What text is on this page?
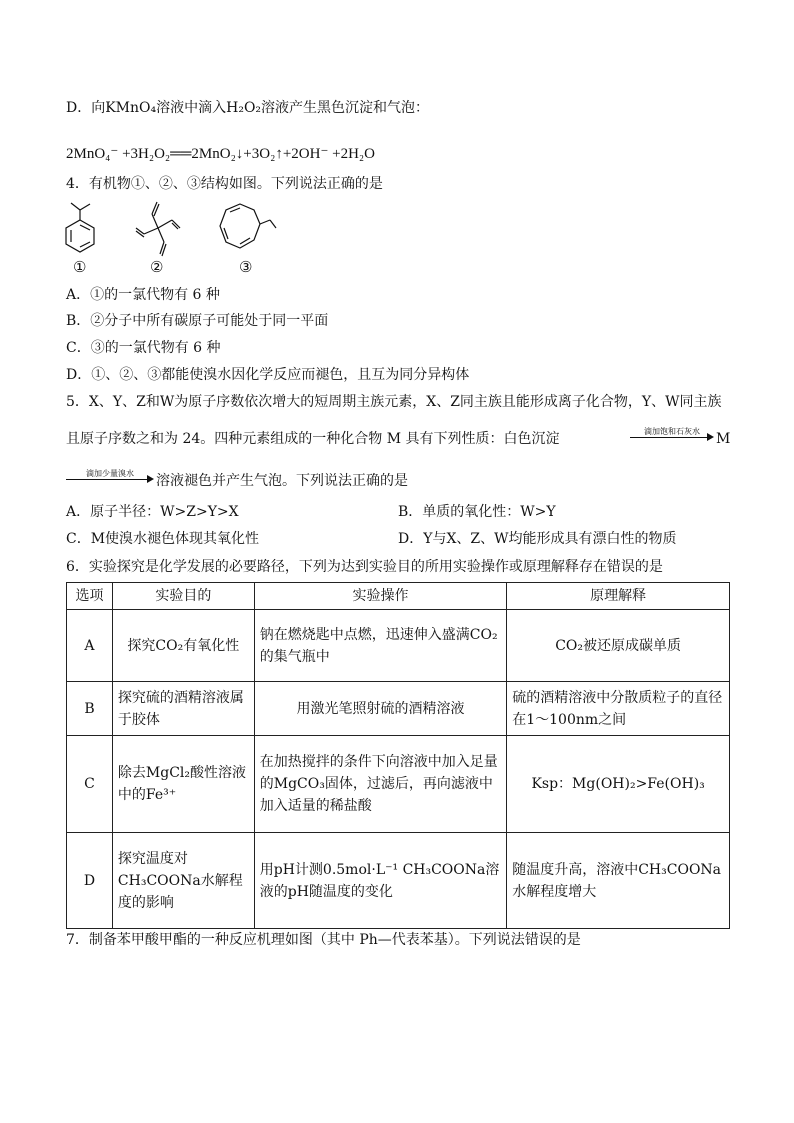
D．向KMnO₄溶液中滴入H₂O₂溶液产生黑色沉淀和气泡：
2MnO₄⁻ +3H₂O₂══2MnO₂↓+3O₂↑+2OH⁻ +2H₂O
4．有机物①、②、③结构如图。下列说法正确的是
①	②	③
A．①的一氯代物有 6 种
B．②分子中所有碳原子可能处于同一平面
C．③的一氯代物有 6 种
D．①、②、③都能使溴水因化学反应而褪色，且互为同分异构体
5．X、Y、Z和W为原子序数依次增大的短周期主族元素，X、Z同主族且能形成离子化合物，Y、W同主族
且原子序数之和为 24。四种元素组成的一种化合物 M 具有下列性质：白色沉淀	滴加饱和石灰水	M
滴加少量溴水	溶液褪色并产生气泡。下列说法正确的是
A．原子半径：W>Z>Y>X	B．单质的氧化性：W>Y
C．M使溴水褪色体现其氧化性	D．Y与X、Z、W均能形成具有漂白性的物质
6．实验探究是化学发展的必要路径，下列为达到实验目的所用实验操作或原理解释存在错误的是
选项	实验目的	实验操作	原理解释
A	探究CO₂有氧化性	钠在燃烧匙中点燃，迅速伸入盛满CO₂的集气瓶中	CO₂被还原成碳单质
B	探究硫的酒精溶液属于胶体	用激光笔照射硫的酒精溶液	硫的酒精溶液中分散质粒子的直径在1～100nm之间
C	除去MgCl₂酸性溶液中的Fe³⁺	在加热搅拌的条件下向溶液中加入足量的MgCO₃固体，过滤后，再向滤液中加入适量的稀盐酸	Ksp：Mg(OH)₂>Fe(OH)₃
D	探究温度对CH₃COONa水解程度的影响	用pH计测0.5mol·L⁻¹ CH₃COONa溶液的pH随温度的变化	随温度升高，溶液中CH₃COONa水解程度增大
7．制备苯甲酸甲酯的一种反应机理如图（其中 Ph—代表苯基）。下列说法错误的是
